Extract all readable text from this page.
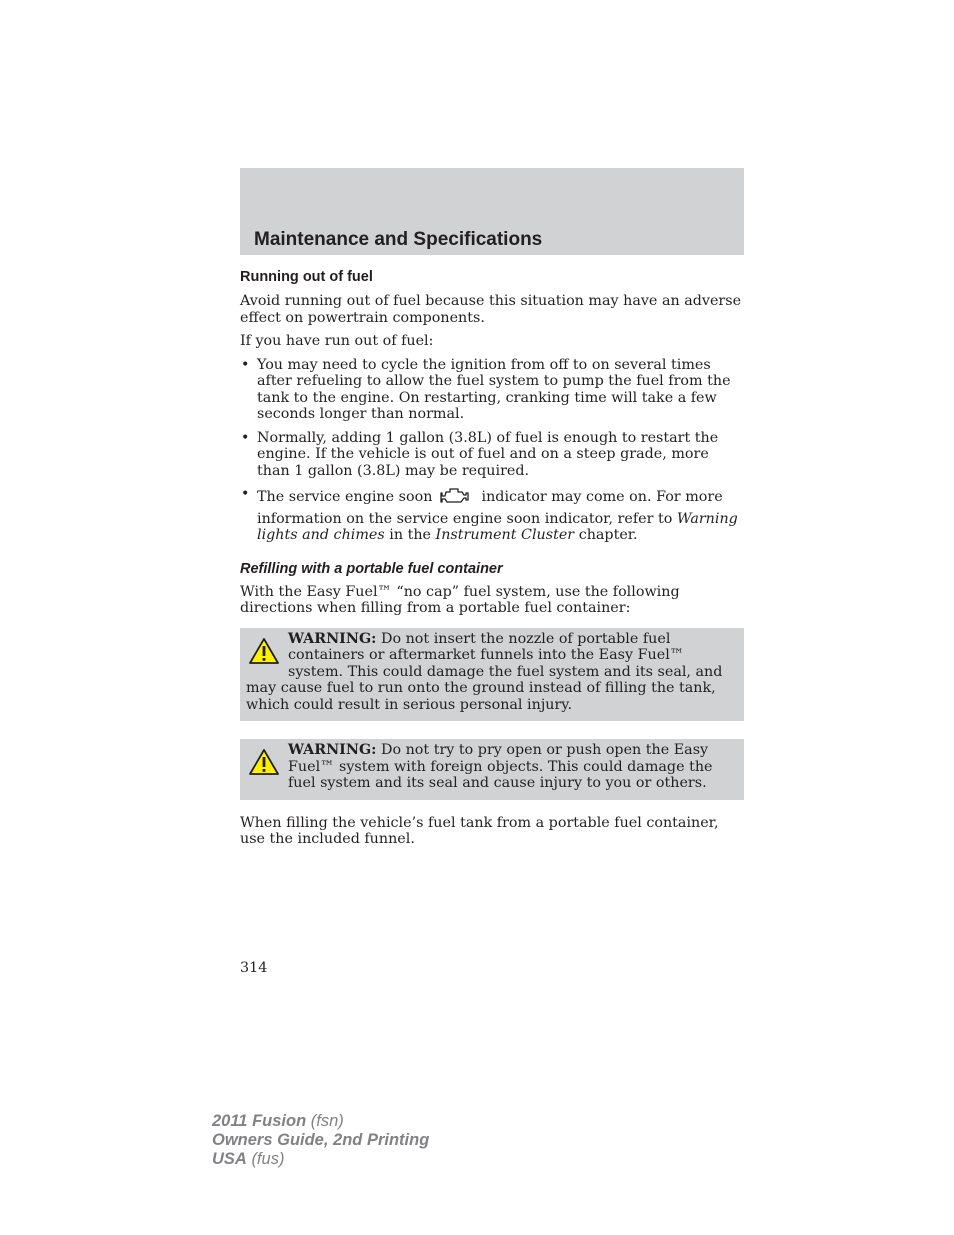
Maintenance and Specifications
Running out of fuel

Avoid running out of fuel because this situation may have an adverse effect on powertrain components.

If you have run out of fuel:

• You may need to cycle the ignition from off to on several times after refueling to allow the fuel system to pump the fuel from the tank to the engine. On restarting, cranking time will take a few seconds longer than normal.
• Normally, adding 1 gallon (3.8L) of fuel is enough to restart the engine. If the vehicle is out of fuel and on a steep grade, more than 1 gallon (3.8L) may be required.
• The service engine soon	indicator may come on. For more information on the service engine soon indicator, refer to Warning lights and chimes in the Instrument Cluster chapter.
Refilling with a portable fuel container

With the Easy Fuel™ “no cap” fuel system, use the following directions when filling from a portable fuel container:

WARNING: Do not insert the nozzle of portable fuel containers or aftermarket funnels into the Easy Fuel™ system. This could damage the fuel system and its seal, and may cause fuel to run onto the ground instead of filling the tank, which could result in serious personal injury.
WARNING: Do not try to pry open or push open the Easy Fuel™ system with foreign objects. This could damage the fuel system and its seal and cause injury to you or others.

When filling the vehicle’s fuel tank from a portable fuel container, use the included funnel.

314
2011 Fusion (fsn)
Owners Guide, 2nd Printing
USA (fus)
